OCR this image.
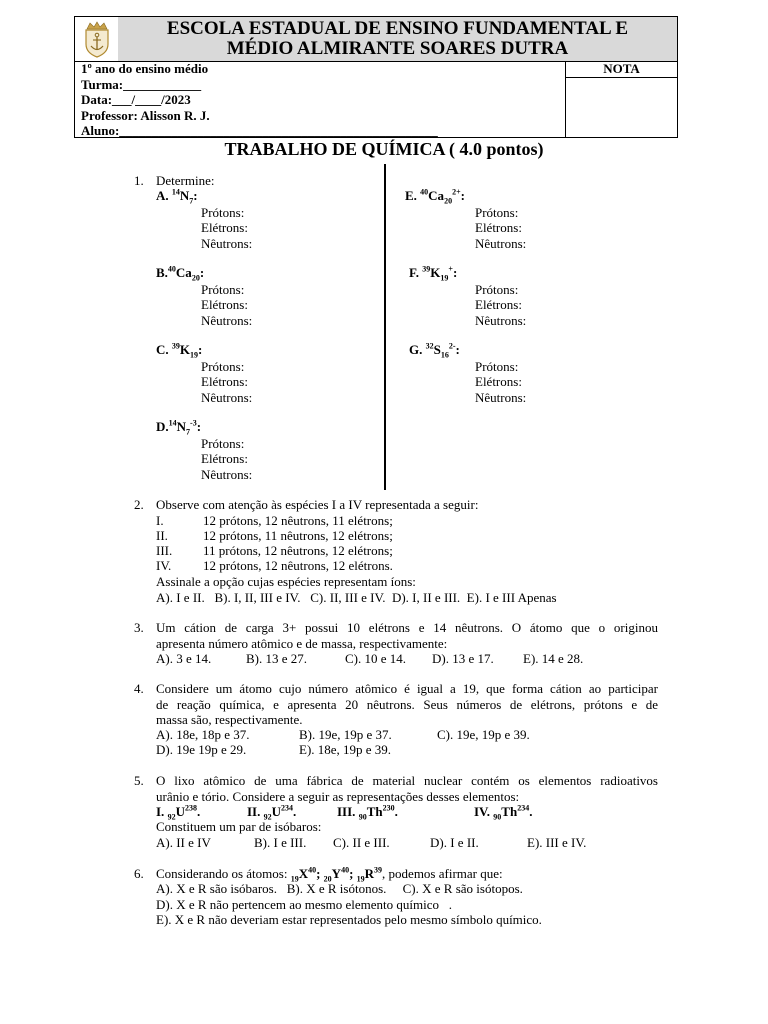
ESCOLA ESTADUAL DE ENSINO FUNDAMENTAL E
MÉDIO ALMIRANTE SOARES DUTRA
NOTA
1º ano do ensino médio
Turma:____________
Data:___/____/2023
Professor: Alisson R. J.
Aluno:_________________________________________________
TRABALHO DE QUÍMICA ( 4.0 pontos)
1. Determine:
A. $^{14}N_7$:
Prótons:
Elétrons:
Nêutrons:
$B.^{40}Ca_{20}$:
Prótons:
Elétrons:
Nêutrons:
C. $^{39}K_{19}$:
Prótons:
Elétrons:
Nêutrons:
$D.^{14}N_7^{-3}$:
Prótons:
Elétrons:
Nêutrons:
E. $^{40}Ca_{20}^{2+}$:
Prótons:
Elétrons:
Nêutrons:
F. $^{39}K_{19}^+$:
Prótons:
Elétrons:
Nêutrons:
G. $^{32}S_{16}^{2-}$:
Prótons:
Elétrons:
Nêutrons:
2. Observe com atenção às espécies I a IV representada a seguir:
I.	12 prótons, 12 nêutrons, 11 elétrons;
II.	12 prótons, 11 nêutrons, 12 elétrons;
III. 11 prótons, 12 nêutrons, 12 elétrons;
IV. 12 prótons, 12 nêutrons, 12 elétrons.
Assinale a opção cujas espécies representam íons:
A). I e II.   B). I, II, III e IV.   C). II, III e IV.  D). I, II e III.  E). I e III Apenas
3. Um cátion de carga 3+ possui 10 elétrons e 14 nêutrons. O átomo que o originou
apresenta número atômico e de massa, respectivamente:
A). 3 e 14.	B). 13 e 27.	C). 10 e 14. D). 13 e 17. E). 14 e 28.
4. Considere um átomo cujo número atômico é igual a 19, que forma cátion ao participar
de reação química, e apresenta 20 nêutrons. Seus números de elétrons, prótons e de
massa são, respectivamente.
A). 18e, 18p e 37.	B). 19e, 19p e 37.	C). 19e, 19p e 39.
D). 19e 19p e 29.	E). 18e, 19p e 39.
5. O lixo atômico de uma fábrica de material nuclear contém os elementos radioativos
urânio e tório. Considere a seguir as representações desses elementos:
I. $_{92}U^{238}$.	II. $_{92}U^{234}$.	III. $_{90}Th^{230}$.	IV. $_{90}Th^{234}$.
Constituem um par de isóbaros:
A). II e IV	B). I e III. C). II e III.	D). I e II.	E). III e IV.
6. Considerando os átomos: $_{19}X^{40}$; $_{20}Y^{40}$; $_{19}R^{39}$, podemos afirmar que:
A). X e R são isóbaros.   B). X e R isótonos.     C). X e R são isótopos.
D). X e R não pertencem ao mesmo elemento químico   .
E). X e R não deveriam estar representados pelo mesmo símbolo químico.
